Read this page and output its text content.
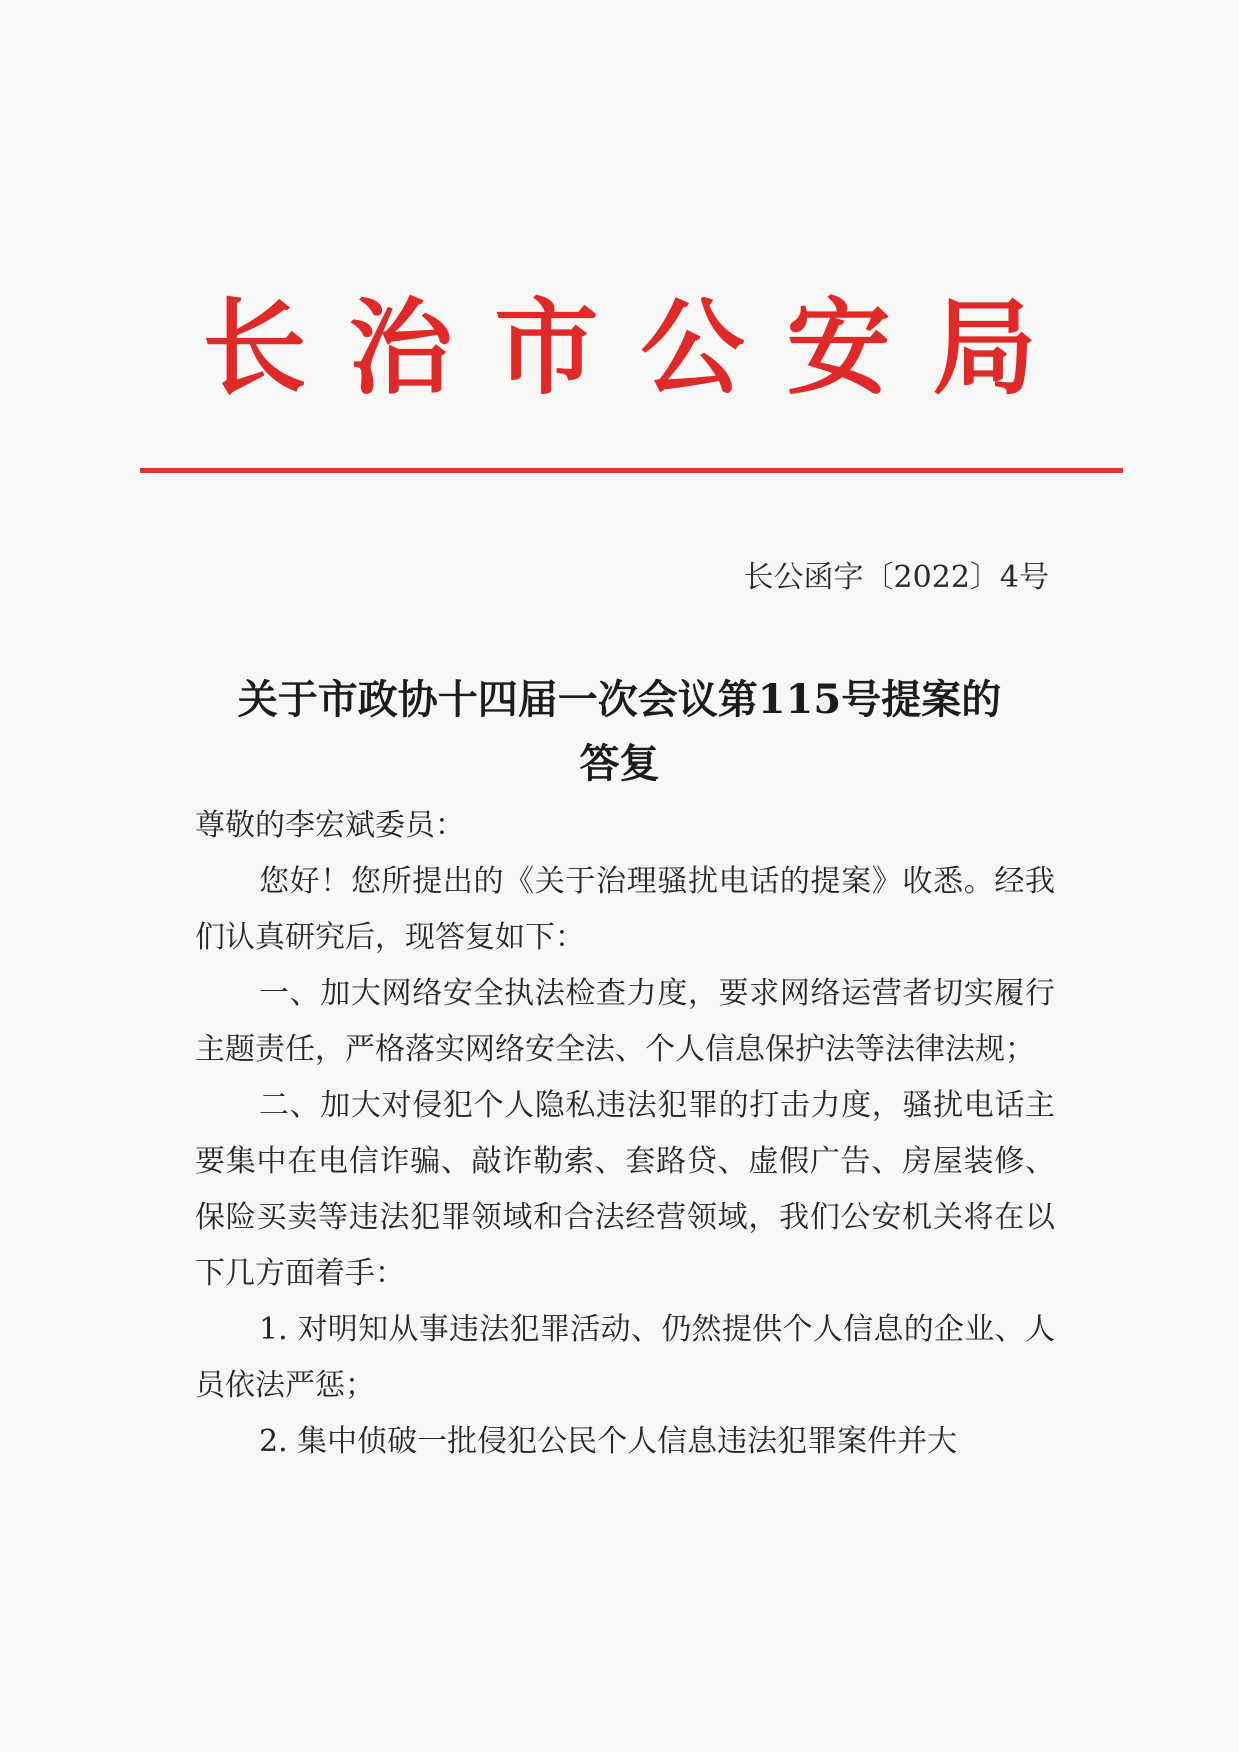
长治市公安局
长公函字〔2022〕4号
关于市政协十四届一次会议第115号提案的
答复

尊敬的李宏斌委员：

您好！您所提出的《关于治理骚扰电话的提案》收悉。经我们认真研究后，现答复如下：

一、加大网络安全执法检查力度，要求网络运营者切实履行主题责任，严格落实网络安全法、个人信息保护法等法律法规；

二、加大对侵犯个人隐私违法犯罪的打击力度，骚扰电话主要集中在电信诈骗、敲诈勒索、套路贷、虚假广告、房屋装修、保险买卖等违法犯罪领域和合法经营领域，我们公安机关将在以下几方面着手：

1. 对明知从事违法犯罪活动、仍然提供个人信息的企业、人员依法严惩；

2. 集中侦破一批侵犯公民个人信息违法犯罪案件并大
